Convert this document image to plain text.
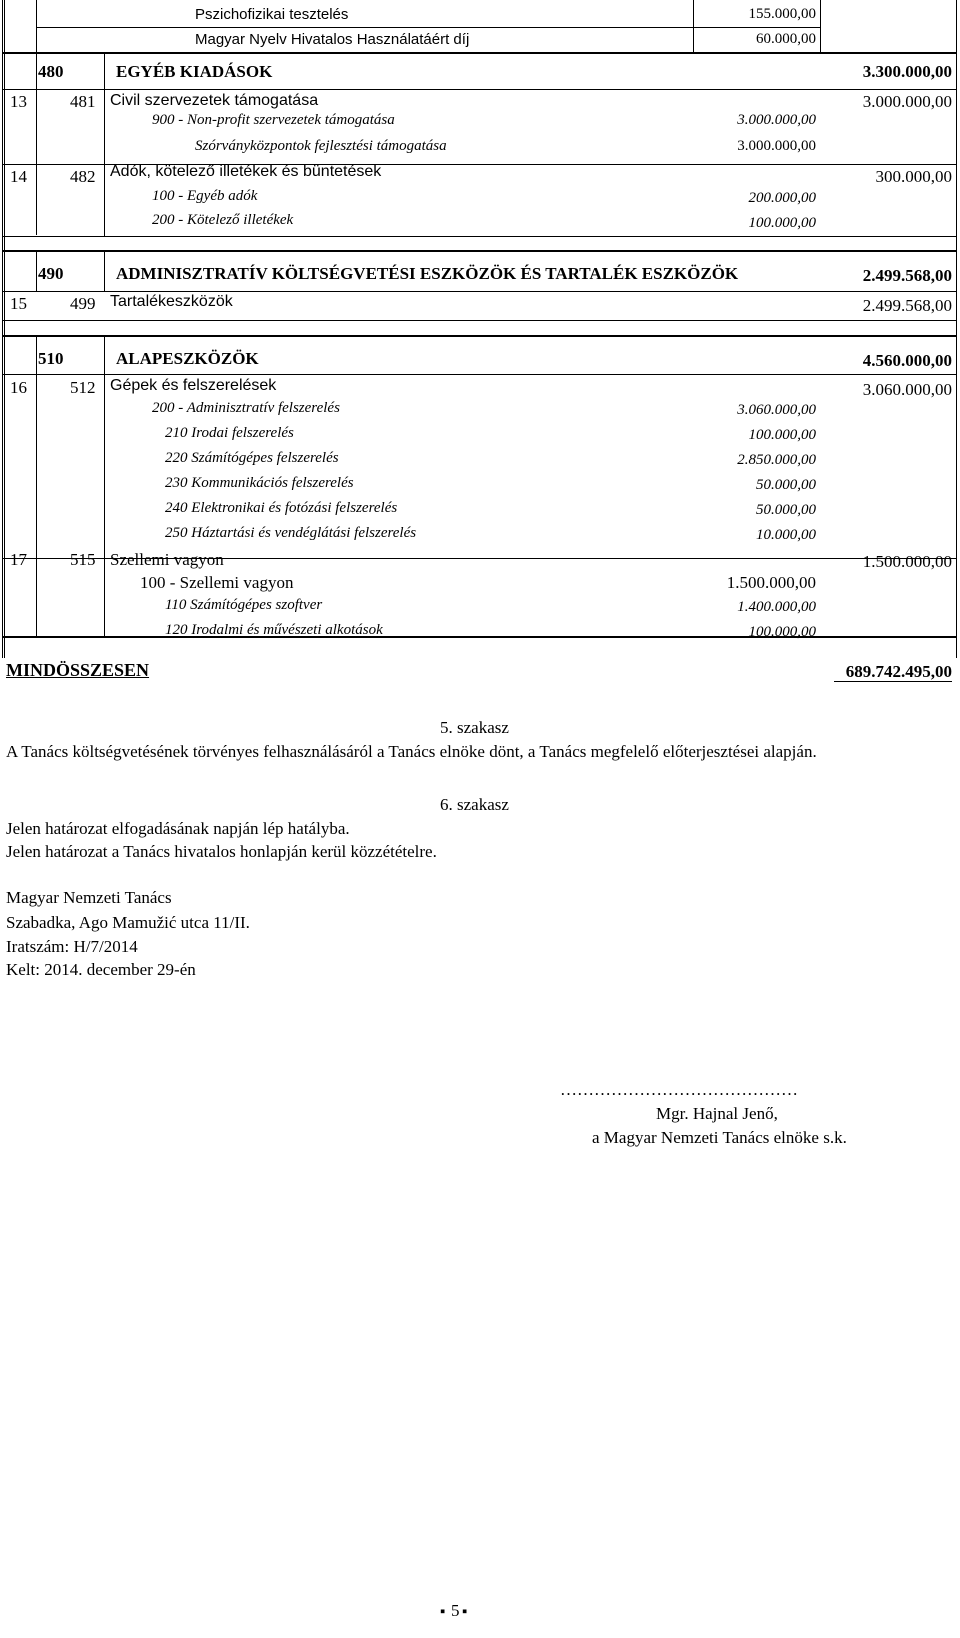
Pszichofizikai tesztelés	155.000,00
Magyar Nyelv Hivatalos Használatáért díj	60.000,00
480	EGYÉB KIADÁSOK	3.300.000,00
13	481 Civil szervezetek támogatása	3.000.000,00
900 - Non-profit szervezetek támogatása	3.000.000,00
Szórványközpontok fejlesztési támogatása	3.000.000,00
14	482 Adók, kötelező illetékek és büntetések	300.000,00
100 - Egyéb adók	200.000,00
200 - Kötelező illetékek	100.000,00
490	ADMINISZTRATÍV KÖLTSÉGVETÉSI ESZKÖZÖK ÉS TARTALÉK ESZKÖZÖK	2.499.568,00
15	499 Tartalékeszközök	2.499.568,00
510	ALAPESZKÖZÖK	4.560.000,00
16	512 Gépek és felszerelések	3.060.000,00
200 - Adminisztratív felszerelés	3.060.000,00
210 Irodai felszerelés	100.000,00
220 Számítógépes felszerelés	2.850.000,00
230 Kommunikációs felszerelés	50.000,00
240 Elektronikai és fotózási felszerelés	50.000,00
250 Háztartási és vendéglátási felszerelés	10.000,00
17	515 Szellemi vagyon	1.500.000,00
100 - Szellemi vagyon	1.500.000,00
110 Számítógépes szoftver	1.400.000,00
120 Irodalmi és művészeti alkotások	100.000,00
MINDÖSSZESEN	689.742.495,00
5. szakasz
A Tanács költségvetésének törvényes felhasználásáról a Tanács elnöke dönt, a Tanács megfelelő előterjesztései alapján.
6. szakasz
Jelen határozat elfogadásának napján lép hatályba.
Jelen határozat a Tanács hivatalos honlapján kerül közzétételre.
Magyar Nemzeti Tanács
Szabadka, Ago Mamužić utca 11/II.
Iratszám: H/7/2014
Kelt: 2014. december 29-én
……………………………………
Mgr. Hajnal Jenő,
a Magyar Nemzeti Tanács elnöke s.k.
▪ 5 ▪
